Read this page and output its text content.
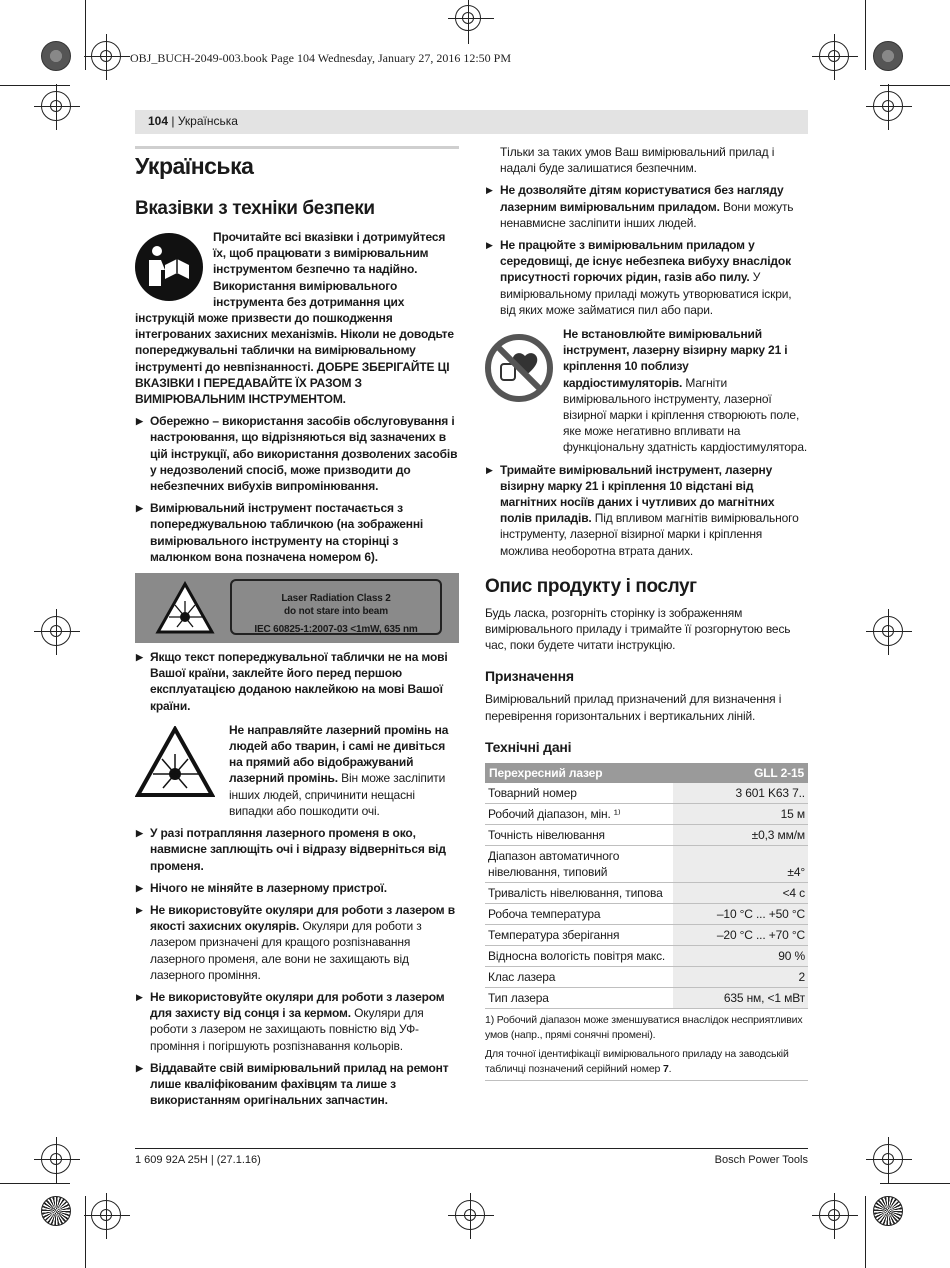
OBJ_BUCH-2049-003.book Page 104 Wednesday, January 27, 2016 12:50 PM
104 | Українська
Українська
Вказівки з техніки безпеки
Прочитайте всі вказівки і дотримуйтеся їх, щоб працювати з вимірювальним інструментом безпечно та надійно. Використання вимірювального інструмента без дотримання цих інструкцій може призвести до пошкодження інтегрованих захисних механізмів. Ніколи не доводьте попереджувальні таблички на вимірювальному інструменті до невпізнанності. ДОБРЕ ЗБЕРІГАЙТЕ ЦІ ВКАЗІВКИ І ПЕРЕДАВАЙТЕ ЇХ РАЗОМ З ВИМІРЮВАЛЬНИМ ІНСТРУМЕНТОМ.
▶ Обережно – використання засобів обслуговування і настроювання, що відрізняються від зазначених в цій інструкції, або використання дозволених засобів у недозволений спосіб, може призводити до небезпечних вибухів випромінювання.
▶ Вимірювальний інструмент постачається з попереджувальною табличкою (на зображенні вимірювального інструменту на сторінці з малюнком вона позначена номером 6).
Laser Radiation Class 2
do not stare into beam
IEC 60825-1:2007-03 <1mW, 635 nm
▶ Якщо текст попереджувальної таблички не на мові Вашої країни, заклейте його перед першою експлуатацією доданою наклейкою на мові Вашої країни.
Не направляйте лазерний промінь на людей або тварин, і самі не дивіться на прямий або відображуваний лазерний промінь. Він може засліпити інших людей, спричинити нещасні випадки або пошкодити очі.
▶ У разі потрапляння лазерного променя в око, навмисне заплющіть очі і відразу відверніться від променя.
▶ Нічого не міняйте в лазерному пристрої.
▶ Не використовуйте окуляри для роботи з лазером в якості захисних окулярів. Окуляри для роботи з лазером призначені для кращого розпізнавання лазерного променя, але вони не захищають від лазерного проміння.
▶ Не використовуйте окуляри для роботи з лазером для захисту від сонця і за кермом. Окуляри для роботи з лазером не захищають повністю від УФ-проміння і погіршують розпізнавання кольорів.
▶ Віддавайте свій вимірювальний прилад на ремонт лише кваліфікованим фахівцям та лише з використанням оригінальних запчастин.
Тільки за таких умов Ваш вимірювальний прилад і надалі буде залишатися безпечним.
▶ Не дозволяйте дітям користуватися без нагляду лазерним вимірювальним приладом. Вони можуть ненавмисне засліпити інших людей.
▶ Не працюйте з вимірювальним приладом у середовищі, де існує небезпека вибуху внаслідок присутності горючих рідин, газів або пилу. У вимірювальному приладі можуть утворюватися іскри, від яких може займатися пил або пари.
Не встановлюйте вимірювальний інструмент, лазерну візирну марку 21 і кріплення 10 поблизу кардіостимуляторів. Магніти вимірювального інструменту, лазерної візирної марки і кріплення створюють поле, яке може негативно впливати на функціональну здатність кардіостимулятора.
▶ Тримайте вимірювальний інструмент, лазерну візирну марку 21 і кріплення 10 відстані від магнітних носіїв даних і чутливих до магнітних полів приладів. Під впливом магнітів вимірювального інструменту, лазерної візирної марки і кріплення можлива необоротна втрата даних.
Опис продукту і послуг

Будь ласка, розгорніть сторінку із зображенням вимірювального приладу і тримайте її розгорнутою весь час, поки будете читати інструкцію.

Призначення

Вимірювальний прилад призначений для визначення і перевірення горизонтальних і вертикальних ліній.

Технічні дані
Перехресний лазер	GLL 2-15
Товарний номер	3 601 K63 7..
Робочий діапазон, мін. ¹⁾	15 м
Точність нівелювання	±0,3 мм/м
Діапазон автоматичного нівелювання, типовий	±4°
Тривалість нівелювання, типова	<4 с
Робоча температура	–10 °C ... +50 °C
Температура зберігання	–20 °C ... +70 °C
Відносна вологість повітря макс.	90 %
Клас лазера	2
Тип лазера	635 нм, <1 мВт
1) Робочий діапазон може зменшуватися внаслідок несприятливих умов (напр., прямі сонячні промені).
Для точної ідентифікації вимірювального приладу на заводській табличці позначений серійний номер 7.
1 609 92A 25H | (27.1.16)	Bosch Power Tools
